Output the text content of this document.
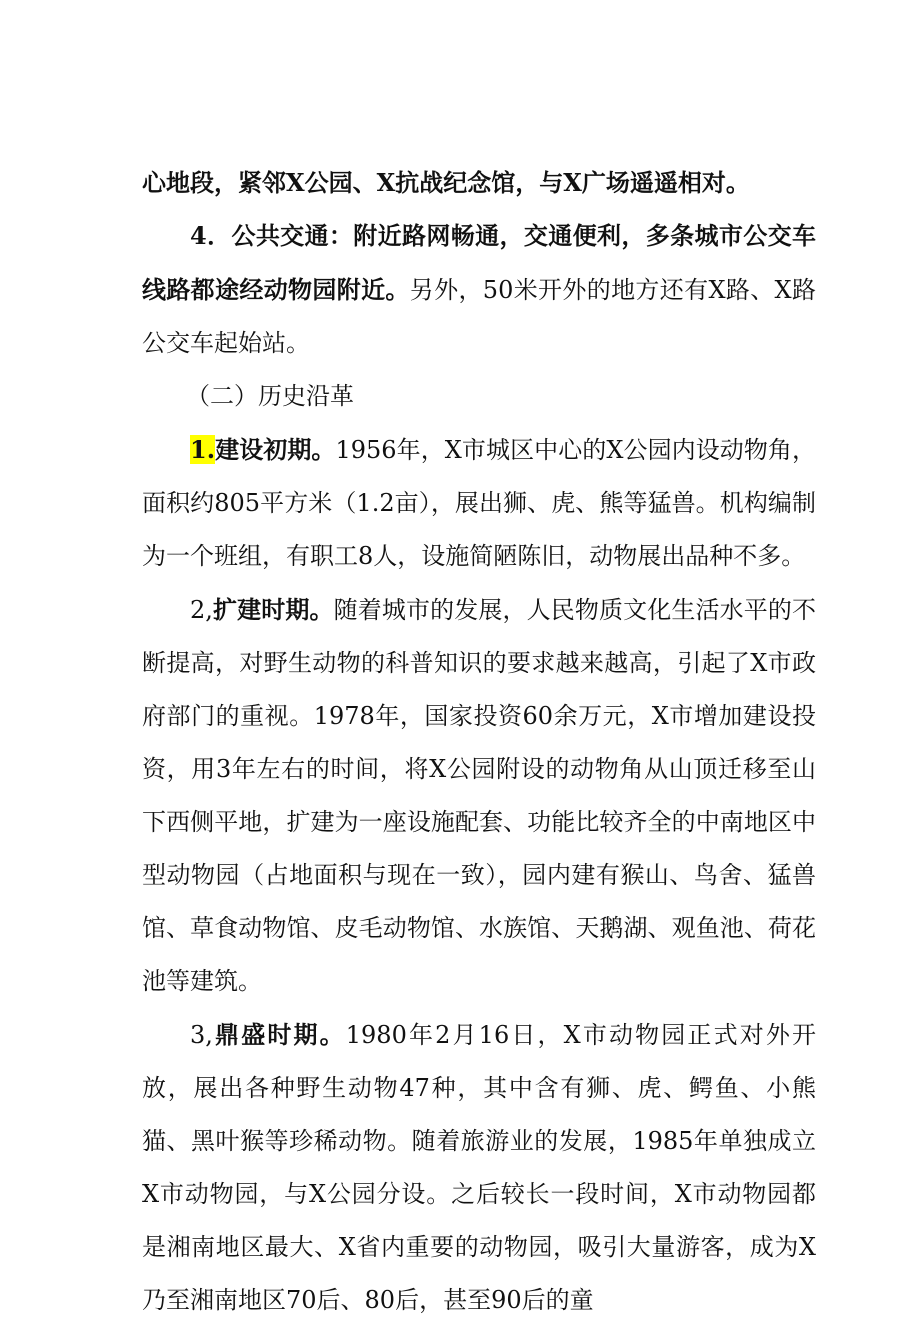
心地段，紧邻X公园、X抗战纪念馆，与X广场遥遥相对。

4．公共交通：附近路网畅通，交通便利，多条城市公交车线路都途经动物园附近。另外，50米开外的地方还有X路、X路公交车起始站。

（二）历史沿革

1.建设初期。1956年，X市城区中心的X公园内设动物角，面积约805平方米（1.2亩），展出狮、虎、熊等猛兽。机构编制为一个班组，有职工8人，设施简陋陈旧，动物展出品种不多。

2,扩建时期。随着城市的发展，人民物质文化生活水平的不断提高，对野生动物的科普知识的要求越来越高，引起了X市政府部门的重视。1978年，国家投资60余万元，X市增加建设投资，用3年左右的时间，将X公园附设的动物角从山顶迁移至山下西侧平地，扩建为一座设施配套、功能比较齐全的中南地区中型动物园（占地面积与现在一致），园内建有猴山、鸟舍、猛兽馆、草食动物馆、皮毛动物馆、水族馆、天鹅湖、观鱼池、荷花池等建筑。

3,鼎盛时期。1980年2月16日，X市动物园正式对外开放，展出各种野生动物47种，其中含有狮、虎、鳄鱼、小熊猫、黑叶猴等珍稀动物。随着旅游业的发展，1985年单独成立X市动物园，与X公园分设。之后较长一段时间，X市动物园都是湘南地区最大、X省内重要的动物园，吸引大量游客，成为X乃至湘南地区70后、80后，甚至90后的童
